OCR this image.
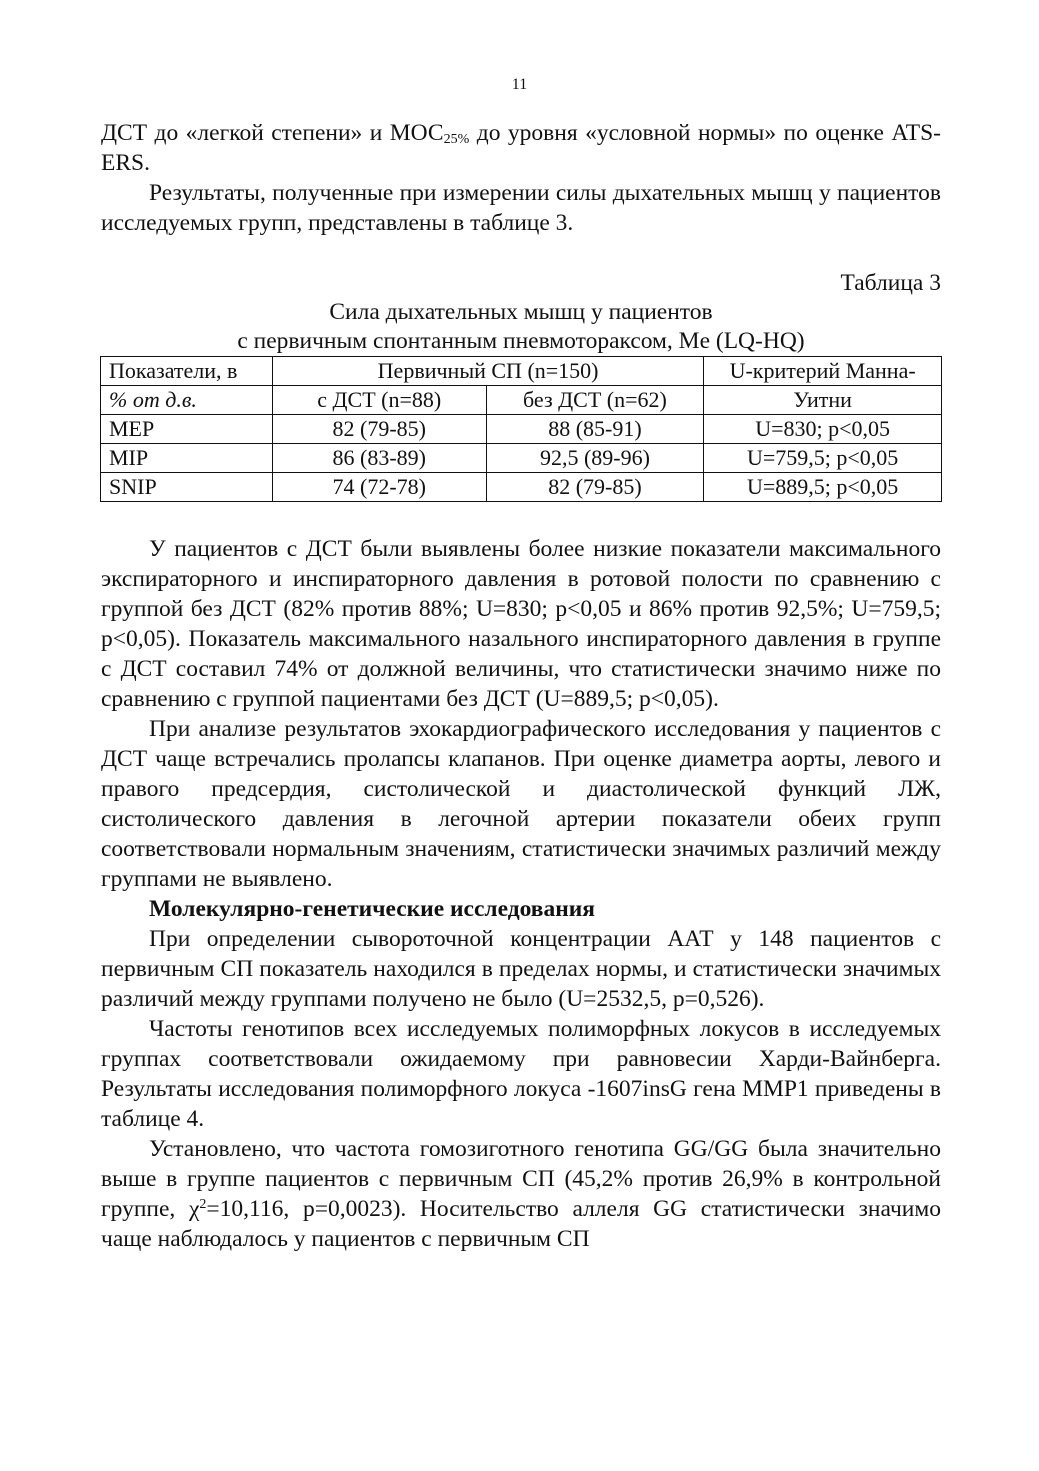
11

ДСТ до «легкой степени» и $МОС_{25\%}$ до уровня «условной нормы» по оценке ATS-ERS.

Результаты, полученные при измерении силы дыхательных мышц у пациентов исследуемых групп, представлены в таблице 3.

Таблица 3
Сила дыхательных мышц у пациентов
с первичным спонтанным пневмотораксом, Me (LQ-HQ)
Показатели, в	Первичный СП (n=150)		U-критерий Манна-
% от д.в.	с ДСТ (n=88)	без ДСТ (n=62)	Уитни
MEP	82 (79-85)	88 (85-91)	U=830; p<0,05
MIP	86 (83-89)	92,5 (89-96)	U=759,5; p<0,05
SNIP	74 (72-78)	82 (79-85)	U=889,5; p<0,05

У пациентов с ДСТ были выявлены более низкие показатели максимального экспираторного и инспираторного давления в ротовой полости по сравнению с группой без ДСТ (82% против 88%; U=830; p<0,05 и 86% против 92,5%; U=759,5; p<0,05). Показатель максимального назального инспираторного давления в группе с ДСТ составил 74% от должной величины, что статистически значимо ниже по сравнению с группой пациентами без ДСТ (U=889,5; p<0,05).

При анализе результатов эхокардиографического исследования у пациентов с ДСТ чаще встречались пролапсы клапанов. При оценке диаметра аорты, левого и правого предсердия, систолической и диастолической функций ЛЖ, систолического давления в легочной артерии показатели обеих групп соответствовали нормальным значениям, статистически значимых различий между группами не выявлено.

Молекулярно-генетические исследования

При определении сывороточной концентрации ААТ у 148 пациентов с первичным СП показатель находился в пределах нормы, и статистически значимых различий между группами получено не было (U=2532,5, p=0,526).

Частоты генотипов всех исследуемых полиморфных локусов в исследуемых группах соответствовали ожидаемому при равновесии Харди-Вайнберга. Результаты исследования полиморфного локуса -1607insG гена MMP1 приведены в таблице 4.

Установлено, что частота гомозиготного генотипа GG/GG была значительно выше в группе пациентов с первичным СП (45,2% против 26,9% в контрольной группе, $\chi^2=10,116$, p=0,0023). Носительство аллеля GG статистически значимо чаще наблюдалось у пациентов с первичным СП
